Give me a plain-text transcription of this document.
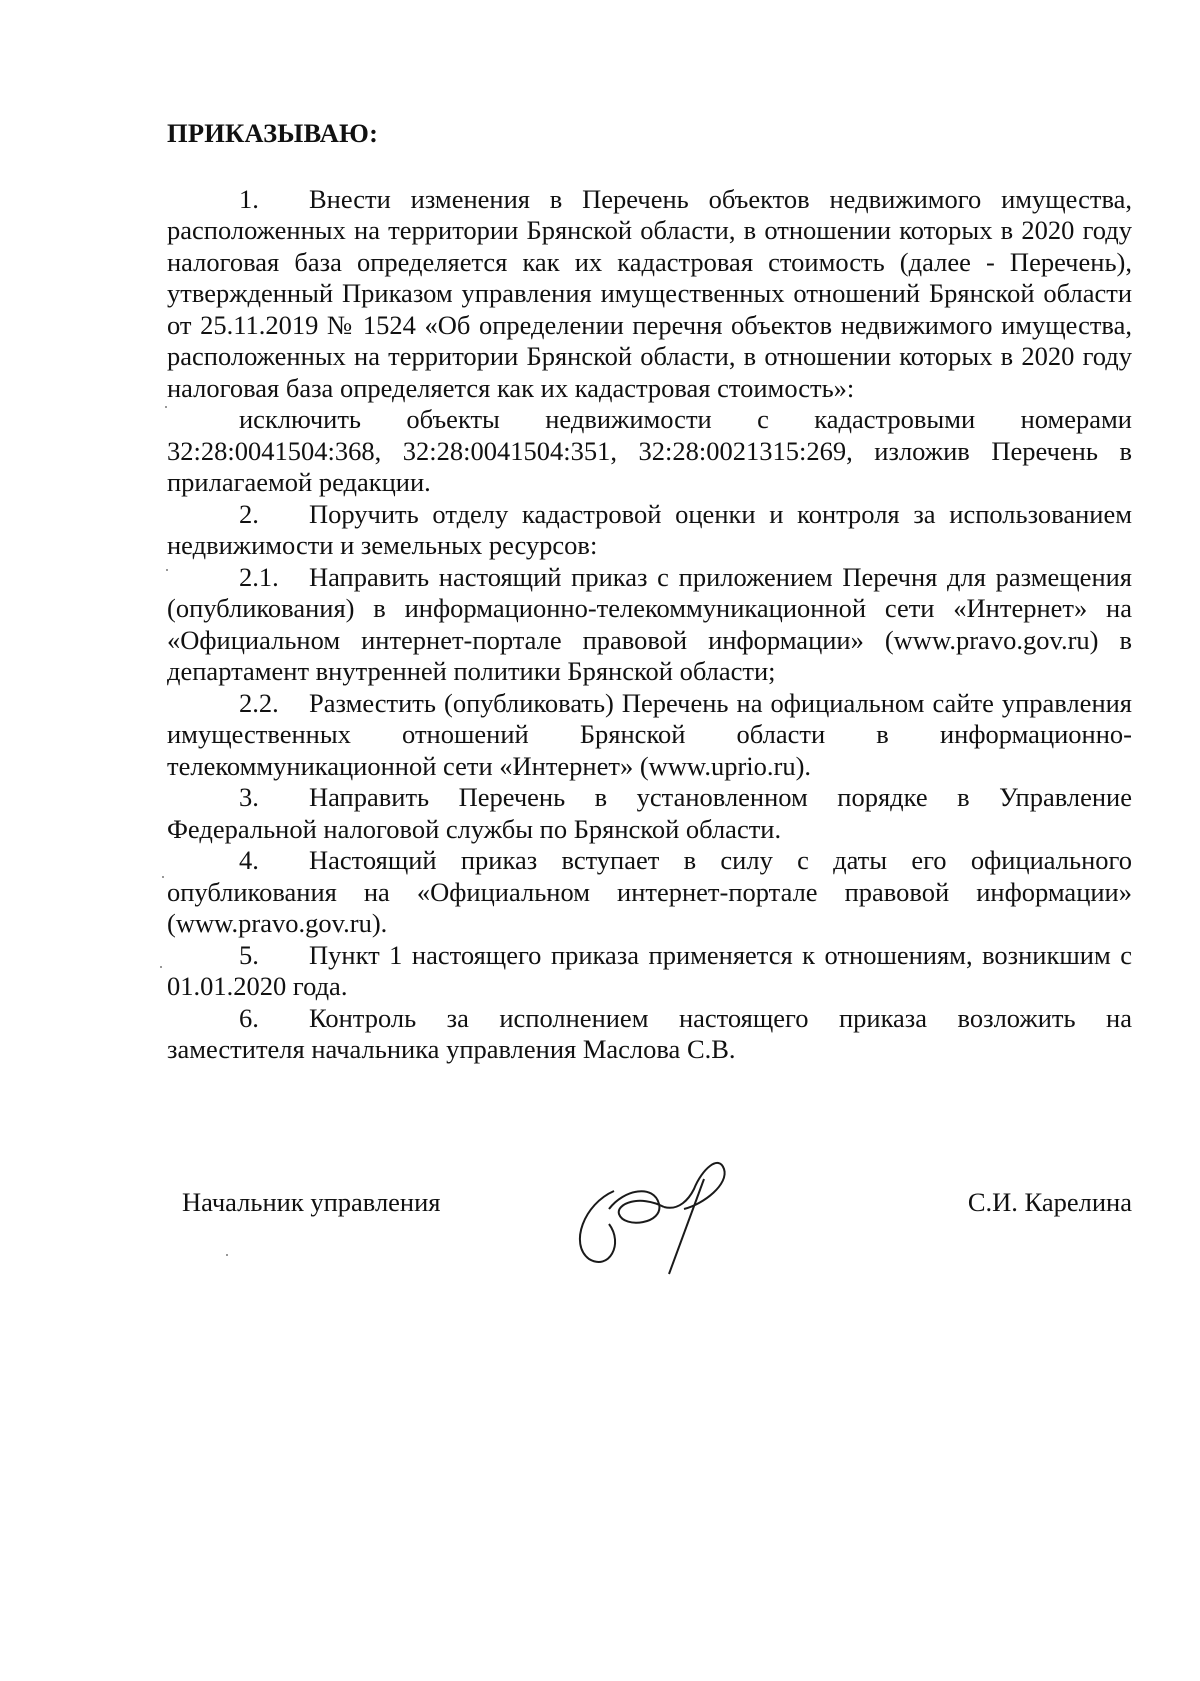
ПРИКАЗЫВАЮ:

1. Внести изменения в Перечень объектов недвижимого имущества, расположенных на территории Брянской области, в отношении которых в 2020 году налоговая база определяется как их кадастровая стоимость (далее - Перечень), утвержденный Приказом управления имущественных отношений Брянской области от 25.11.2019 № 1524 «Об определении перечня объектов недвижимого имущества, расположенных на территории Брянской области, в отношении которых в 2020 году налоговая база определяется как их кадастровая стоимость»:

исключить объекты недвижимости с кадастровыми номерами 32:28:0041504:368, 32:28:0041504:351, 32:28:0021315:269, изложив Перечень в прилагаемой редакции.

2. Поручить отделу кадастровой оценки и контроля за использованием недвижимости и земельных ресурсов:

2.1. Направить настоящий приказ с приложением Перечня для размещения (опубликования) в информационно-телекоммуникационной сети «Интернет» на «Официальном интернет-портале правовой информации» (www.pravo.gov.ru) в департамент внутренней политики Брянской области;

2.2. Разместить (опубликовать) Перечень на официальном сайте управления имущественных отношений Брянской области в информационно-телекоммуникационной сети «Интернет» (www.uprio.ru).

3. Направить Перечень в установленном порядке в Управление Федеральной налоговой службы по Брянской области.

4. Настоящий приказ вступает в силу с даты его официального опубликования на «Официальном интернет-портале правовой информации» (www.pravo.gov.ru).

5. Пункт 1 настоящего приказа применяется к отношениям, возникшим с 01.01.2020 года.

6. Контроль за исполнением настоящего приказа возложить на заместителя начальника управления Маслова С.В.

Начальник управления	С.И. Карелина
